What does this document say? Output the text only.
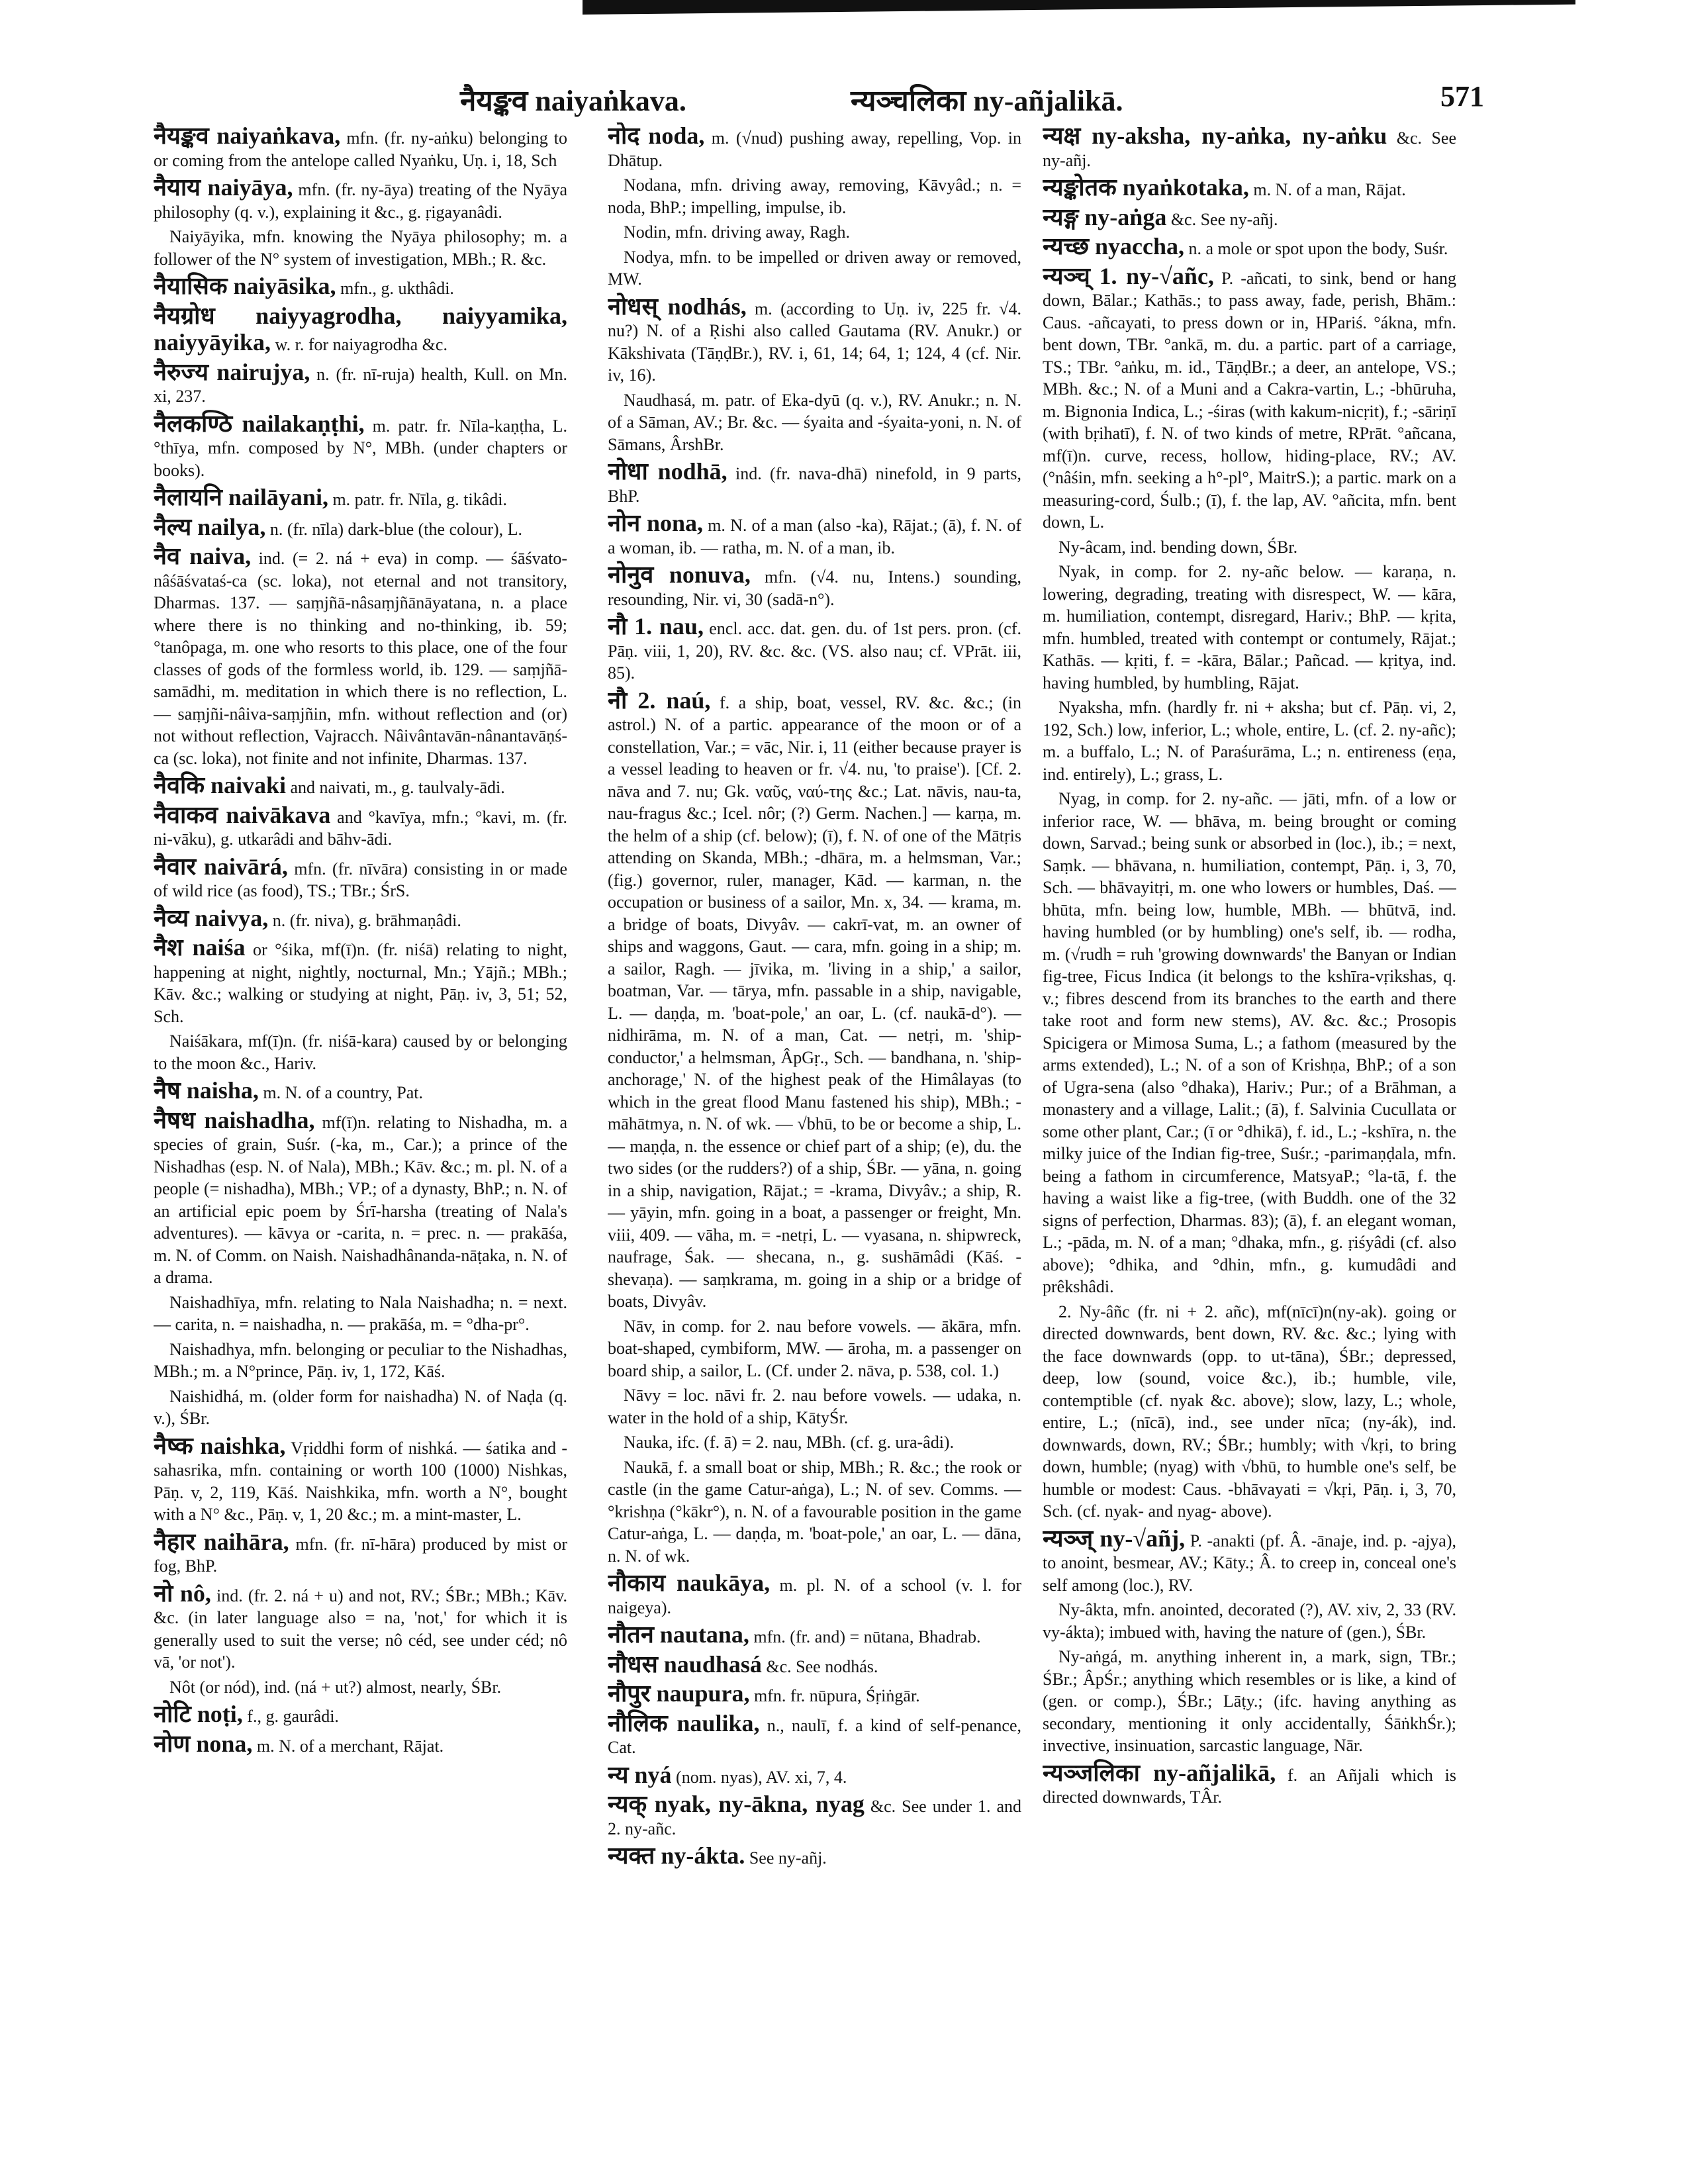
नैयङ्कव naiyaṅkava.	न्यञ्चलिका ny-añjalikā.	571

नैयङ्कव naiyaṅkava, mfn. (fr. ny-aṅku) belonging to or coming from the antelope called Nyaṅku, Uṇ. i, 18, Sch

नैयाय naiyāya, mfn. (fr. ny-āya) treating of the Nyāya philosophy (q. v.), explaining it &c., g. ṛigayanâdi.

Naiyāyika, mfn. knowing the Nyāya philosophy; m. a follower of the N° system of investigation, MBh.; R. &c.

नैयासिक naiyāsika, mfn., g. ukthâdi.

नैयग्रोध naiyyagrodha, naiyyamika, naiyyāyika, w. r. for naiyagrodha &c.

नैरुज्य nairujya, n. (fr. nī-ruja) health, Kull. on Mn. xi, 237.

नैलकण्ठि nailakaṇṭhi, m. patr. fr. Nīla-kaṇṭha, L. °thīya, mfn. composed by N°, MBh. (under chapters or books).

नैलायनि nailāyani, m. patr. fr. Nīla, g. tikâdi.

नैल्य nailya, n. (fr. nīla) dark-blue (the colour), L.

नैव naiva, ind. (= 2. ná + eva) in comp. — śāśvato-nâśāśvataś-ca (sc. loka), not eternal and not transitory, Dharmas. 137. — saṃjñā-nâsaṃjñānāyatana, n. a place where there is no thinking and no-thinking, ib. 59; °tanôpaga, m. one who resorts to this place, one of the four classes of gods of the formless world, ib. 129. — saṃjñā-samādhi, m. meditation in which there is no reflection, L. — saṃjñi-nâiva-saṃjñin, mfn. without reflection and (or) not without reflection, Vajracch. Nâivântavān-nânantavāṇś-ca (sc. loka), not finite and not infinite, Dharmas. 137.

नैवकि naivaki and naivati, m., g. taulvaly-ādi.

नैवाकव naivākava and °kavīya, mfn.; °kavi, m. (fr. ni-vāku), g. utkarâdi and bāhv-ādi.

नैवार naivārá, mfn. (fr. nīvāra) consisting in or made of wild rice (as food), TS.; TBr.; ŚrS.

नैव्य naivya, n. (fr. niva), g. brāhmaṇâdi.

नैश naiśa or °śika, mf(ī)n. (fr. niśā) relating to night, happening at night, nightly, nocturnal, Mn.; Yājñ.; MBh.; Kāv. &c.; walking or studying at night, Pāṇ. iv, 3, 51; 52, Sch.

Naiśākara, mf(ī)n. (fr. niśā-kara) caused by or belonging to the moon &c., Hariv.

नैष naisha, m. N. of a country, Pat.

नैषध naishadha, mf(ī)n. relating to Nishadha, m. a species of grain, Suśr. (-ka, m., Car.); a prince of the Nishadhas (esp. N. of Nala), MBh.; Kāv. &c.; m. pl. N. of a people (= nishadha), MBh.; VP.; of a dynasty, BhP.; n. N. of an artificial epic poem by Śrī-harsha (treating of Nala's adventures). — kāvya or -carita, n. = prec. n. — prakāśa, m. N. of Comm. on Naish. Naishadhânanda-nāṭaka, n. N. of a drama.

Naishadhīya, mfn. relating to Nala Naishadha; n. = next. — carita, n. = naishadha, n. — prakāśa, m. = °dha-pr°.

Naishadhya, mfn. belonging or peculiar to the Nishadhas, MBh.; m. a N°prince, Pāṇ. iv, 1, 172, Kāś.

Naishidhá, m. (older form for naishadha) N. of Naḍa (q. v.), ŚBr.

नैष्क naishka, Vṛiddhi form of nishká. — śatika and -sahasrika, mfn. containing or worth 100 (1000) Nishkas, Pāṇ. v, 2, 119, Kāś. Naishkika, mfn. worth a N°, bought with a N° &c., Pāṇ. v, 1, 20 &c.; m. a mint-master, L.

नैहार naihāra, mfn. (fr. nī-hāra) produced by mist or fog, BhP.

नो nô, ind. (fr. 2. ná + u) and not, RV.; ŚBr.; MBh.; Kāv. &c. (in later language also = na, 'not,' for which it is generally used to suit the verse; nô céd, see under céd; nô vā, 'or not').

Nôt (or nód), ind. (ná + ut?) almost, nearly, ŚBr.

नोटि noṭi, f., g. gaurâdi.

नोण nona, m. N. of a merchant, Rājat.

नोद noda, m. (√nud) pushing away, repelling, Vop. in Dhātup.

Nodana, mfn. driving away, removing, Kāvyâd.; n. = noda, BhP.; impelling, impulse, ib.

Nodin, mfn. driving away, Ragh.

Nodya, mfn. to be impelled or driven away or removed, MW.

नोधस् nodhás, m. (according to Uṇ. iv, 225 fr. √4. nu?) N. of a Ṛishi also called Gautama (RV. Anukr.) or Kākshivata (TāṇḍBr.), RV. i, 61, 14; 64, 1; 124, 4 (cf. Nir. iv, 16).

Naudhasá, m. patr. of Eka-dyū (q. v.), RV. Anukr.; n. N. of a Sāman, AV.; Br. &c. — śyaita and -śyaita-yoni, n. N. of Sāmans, ÂrshBr.

नोधा nodhā, ind. (fr. nava-dhā) ninefold, in 9 parts, BhP.

नोन nona, m. N. of a man (also -ka), Rājat.; (ā), f. N. of a woman, ib. — ratha, m. N. of a man, ib.

नोनुव nonuva, mfn. (√4. nu, Intens.) sounding, resounding, Nir. vi, 30 (sadā-n°).

नौ 1. nau, encl. acc. dat. gen. du. of 1st pers. pron. (cf. Pāṇ. viii, 1, 20), RV. &c. &c. (VS. also nau; cf. VPrāt. iii, 85).

नौ 2. naú, f. a ship, boat, vessel, RV. &c. &c.; (in astrol.) N. of a partic. appearance of the moon or of a constellation, Var.; = vāc, Nir. i, 11 (either because prayer is a vessel leading to heaven or fr. √4. nu, 'to praise'). [Cf. 2. nāva and 7. nu; Gk. ναῦς, ναύ-της &c.; Lat. nāvis, nau-ta, nau-fragus &c.; Icel. nôr; (?) Germ. Nachen.] — karṇa, m. the helm of a ship (cf. below); (ī), f. N. of one of the Mātṛis attending on Skanda, MBh.; -dhāra, m. a helmsman, Var.; (fig.) governor, ruler, manager, Kād. — karman, n. the occupation or business of a sailor, Mn. x, 34. — krama, m. a bridge of boats, Divyâv. — cakrī-vat, m. an owner of ships and waggons, Gaut. — cara, mfn. going in a ship; m. a sailor, Ragh. — jīvika, m. 'living in a ship,' a sailor, boatman, Var. — tārya, mfn. passable in a ship, navigable, L. — daṇḍa, m. 'boat-pole,' an oar, L. (cf. naukā-d°). — nidhirāma, m. N. of a man, Cat. — netṛi, m. 'ship-conductor,' a helmsman, ÂpGṛ., Sch. — bandhana, n. 'ship-anchorage,' N. of the highest peak of the Himâlayas (to which in the great flood Manu fastened his ship), MBh.; -māhātmya, n. N. of wk. — √bhū, to be or become a ship, L. — maṇḍa, n. the essence or chief part of a ship; (e), du. the two sides (or the rudders?) of a ship, ŚBr. — yāna, n. going in a ship, navigation, Rājat.; = -krama, Divyâv.; a ship, R. — yāyin, mfn. going in a boat, a passenger or freight, Mn. viii, 409. — vāha, m. = -netṛi, L. — vyasana, n. shipwreck, naufrage, Śak. — shecana, n., g. sushāmâdi (Kāś. -shevaṇa). — saṃkrama, m. going in a ship or a bridge of boats, Divyâv.

Nāv, in comp. for 2. nau before vowels. — ākāra, mfn. boat-shaped, cymbiform, MW. — āroha, m. a passenger on board ship, a sailor, L. (Cf. under 2. nāva, p. 538, col. 1.)

Nāvy = loc. nāvi fr. 2. nau before vowels. — udaka, n. water in the hold of a ship, KātyŚr.

Nauka, ifc. (f. ā) = 2. nau, MBh. (cf. g. ura-âdi).

Naukā, f. a small boat or ship, MBh.; R. &c.; the rook or castle (in the game Catur-aṅga), L.; N. of sev. Comms. — °krishṇa (°kākr°), n. N. of a favourable position in the game Catur-aṅga, L. — daṇḍa, m. 'boat-pole,' an oar, L. — dāna, n. N. of wk.

नौकाय naukāya, m. pl. N. of a school (v. l. for naigeya).

नौतन nautana, mfn. (fr. and) = nūtana, Bhadrab.

नौधस naudhasá &c. See nodhás.

नौपुर naupura, mfn. fr. nūpura, Śṛiṅgār.

नौलिक naulika, n., naulī, f. a kind of self-penance, Cat.

न्य nyá (nom. nyas), AV. xi, 7, 4.

न्यक् nyak, ny-ākna, nyag &c. See under 1. and 2. ny-añc.

न्यक्त ny-ákta. See ny-añj.

न्यक्ष ny-aksha, ny-aṅka, ny-aṅku &c. See ny-añj.

न्यङ्कोतक nyaṅkotaka, m. N. of a man, Rājat.

न्यङ्ग ny-aṅga &c. See ny-añj.

न्यच्छ nyaccha, n. a mole or spot upon the body, Suśr.

न्यञ्च् 1. ny-√añc, P. -añcati, to sink, bend or hang down, Bālar.; Kathās.; to pass away, fade, perish, Bhām.: Caus. -añcayati, to press down or in, HPariś. °ákna, mfn. bent down, TBr. °ankā, m. du. a partic. part of a carriage, TS.; TBr. °aṅku, m. id., TāṇḍBr.; a deer, an antelope, VS.; MBh. &c.; N. of a Muni and a Cakra-vartin, L.; -bhūruha, m. Bignonia Indica, L.; -śiras (with kakum-nicṛit), f.; -sāriṇī (with bṛihatī), f. N. of two kinds of metre, RPrāt. °añcana, mf(ī)n. curve, recess, hollow, hiding-place, RV.; AV. (°nâśin, mfn. seeking a h°-pl°, MaitrS.); a partic. mark on a measuring-cord, Śulb.; (ī), f. the lap, AV. °añcita, mfn. bent down, L.

Ny-âcam, ind. bending down, ŚBr.

Nyak, in comp. for 2. ny-añc below. — karaṇa, n. lowering, degrading, treating with disrespect, W. — kāra, m. humiliation, contempt, disregard, Hariv.; BhP. — kṛita, mfn. humbled, treated with contempt or contumely, Rājat.; Kathās. — kṛiti, f. = -kāra, Bālar.; Pañcad. — kṛitya, ind. having humbled, by humbling, Rājat.

Nyaksha, mfn. (hardly fr. ni + aksha; but cf. Pāṇ. vi, 2, 192, Sch.) low, inferior, L.; whole, entire, L. (cf. 2. ny-añc); m. a buffalo, L.; N. of Paraśurāma, L.; n. entireness (eṇa, ind. entirely), L.; grass, L.

Nyag, in comp. for 2. ny-añc. — jāti, mfn. of a low or inferior race, W. — bhāva, m. being brought or coming down, Sarvad.; being sunk or absorbed in (loc.), ib.; = next, Saṃk. — bhāvana, n. humiliation, contempt, Pāṇ. i, 3, 70, Sch. — bhāvayitṛi, m. one who lowers or humbles, Daś. — bhūta, mfn. being low, humble, MBh. — bhūtvā, ind. having humbled (or by humbling) one's self, ib. — rodha, m. (√rudh = ruh 'growing downwards' the Banyan or Indian fig-tree, Ficus Indica (it belongs to the kshīra-vṛikshas, q. v.; fibres descend from its branches to the earth and there take root and form new stems), AV. &c. &c.; Prosopis Spicigera or Mimosa Suma, L.; a fathom (measured by the arms extended), L.; N. of a son of Krishṇa, BhP.; of a son of Ugra-sena (also °dhaka), Hariv.; Pur.; of a Brāhman, a monastery and a village, Lalit.; (ā), f. Salvinia Cucullata or some other plant, Car.; (ī or °dhikā), f. id., L.; -kshīra, n. the milky juice of the Indian fig-tree, Suśr.; -parimaṇḍala, mfn. being a fathom in circumference, MatsyaP.; °la-tā, f. the having a waist like a fig-tree, (with Buddh. one of the 32 signs of perfection, Dharmas. 83); (ā), f. an elegant woman, L.; -pāda, m. N. of a man; °dhaka, mfn., g. ṛiśyâdi (cf. also above); °dhika, and °dhin, mfn., g. kumudâdi and prêkshâdi.

2. Ny-âñc (fr. ni + 2. añc), mf(nīcī)n(ny-ak). going or directed downwards, bent down, RV. &c. &c.; lying with the face downwards (opp. to ut-tāna), ŚBr.; depressed, deep, low (sound, voice &c.), ib.; humble, vile, contemptible (cf. nyak &c. above); slow, lazy, L.; whole, entire, L.; (nīcā), ind., see under nīca; (ny-ák), ind. downwards, down, RV.; ŚBr.; humbly; with √kṛi, to bring down, humble; (nyag) with √bhū, to humble one's self, be humble or modest: Caus. -bhāvayati = √kṛi, Pāṇ. i, 3, 70, Sch. (cf. nyak- and nyag- above).

न्यञ्ज् ny-√añj, P. -anakti (pf. Â. -ānaje, ind. p. -ajya), to anoint, besmear, AV.; Kāty.; Â. to creep in, conceal one's self among (loc.), RV.

Ny-âkta, mfn. anointed, decorated (?), AV. xiv, 2, 33 (RV. vy-ákta); imbued with, having the nature of (gen.), ŚBr.

Ny-aṅgá, m. anything inherent in, a mark, sign, TBr.; ŚBr.; ÂpŚr.; anything which resembles or is like, a kind of (gen. or comp.), ŚBr.; Lāṭy.; (ifc. having anything as secondary, mentioning it only accidentally, ŚāṅkhŚr.); invective, insinuation, sarcastic language, Nār.

न्यञ्जलिका ny-añjalikā, f. an Añjali which is directed downwards, TÂr.
